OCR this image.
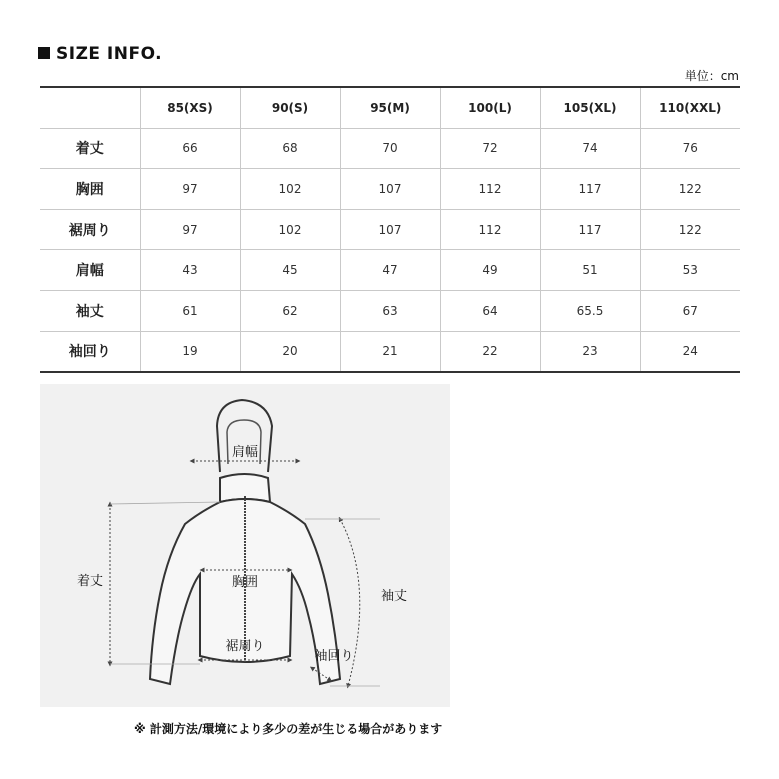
SIZE INFO.
単位：cm
	85(XS)	90(S)	95(M)	100(L)	105(XL)	110(XXL)
着丈	66	68	70	72	74	76
胸囲	97	102	107	112	117	122
裾周り	97	102	107	112	117	122
肩幅	43	45	47	49	51	53
袖丈	61	62	63	64	65.5	67
袖回り	19	20	21	22	23	24
肩幅
着丈	胸囲
裾周り
袖丈
袖回り
※ 計測方法/環境により多少の差が生じる場合があります
